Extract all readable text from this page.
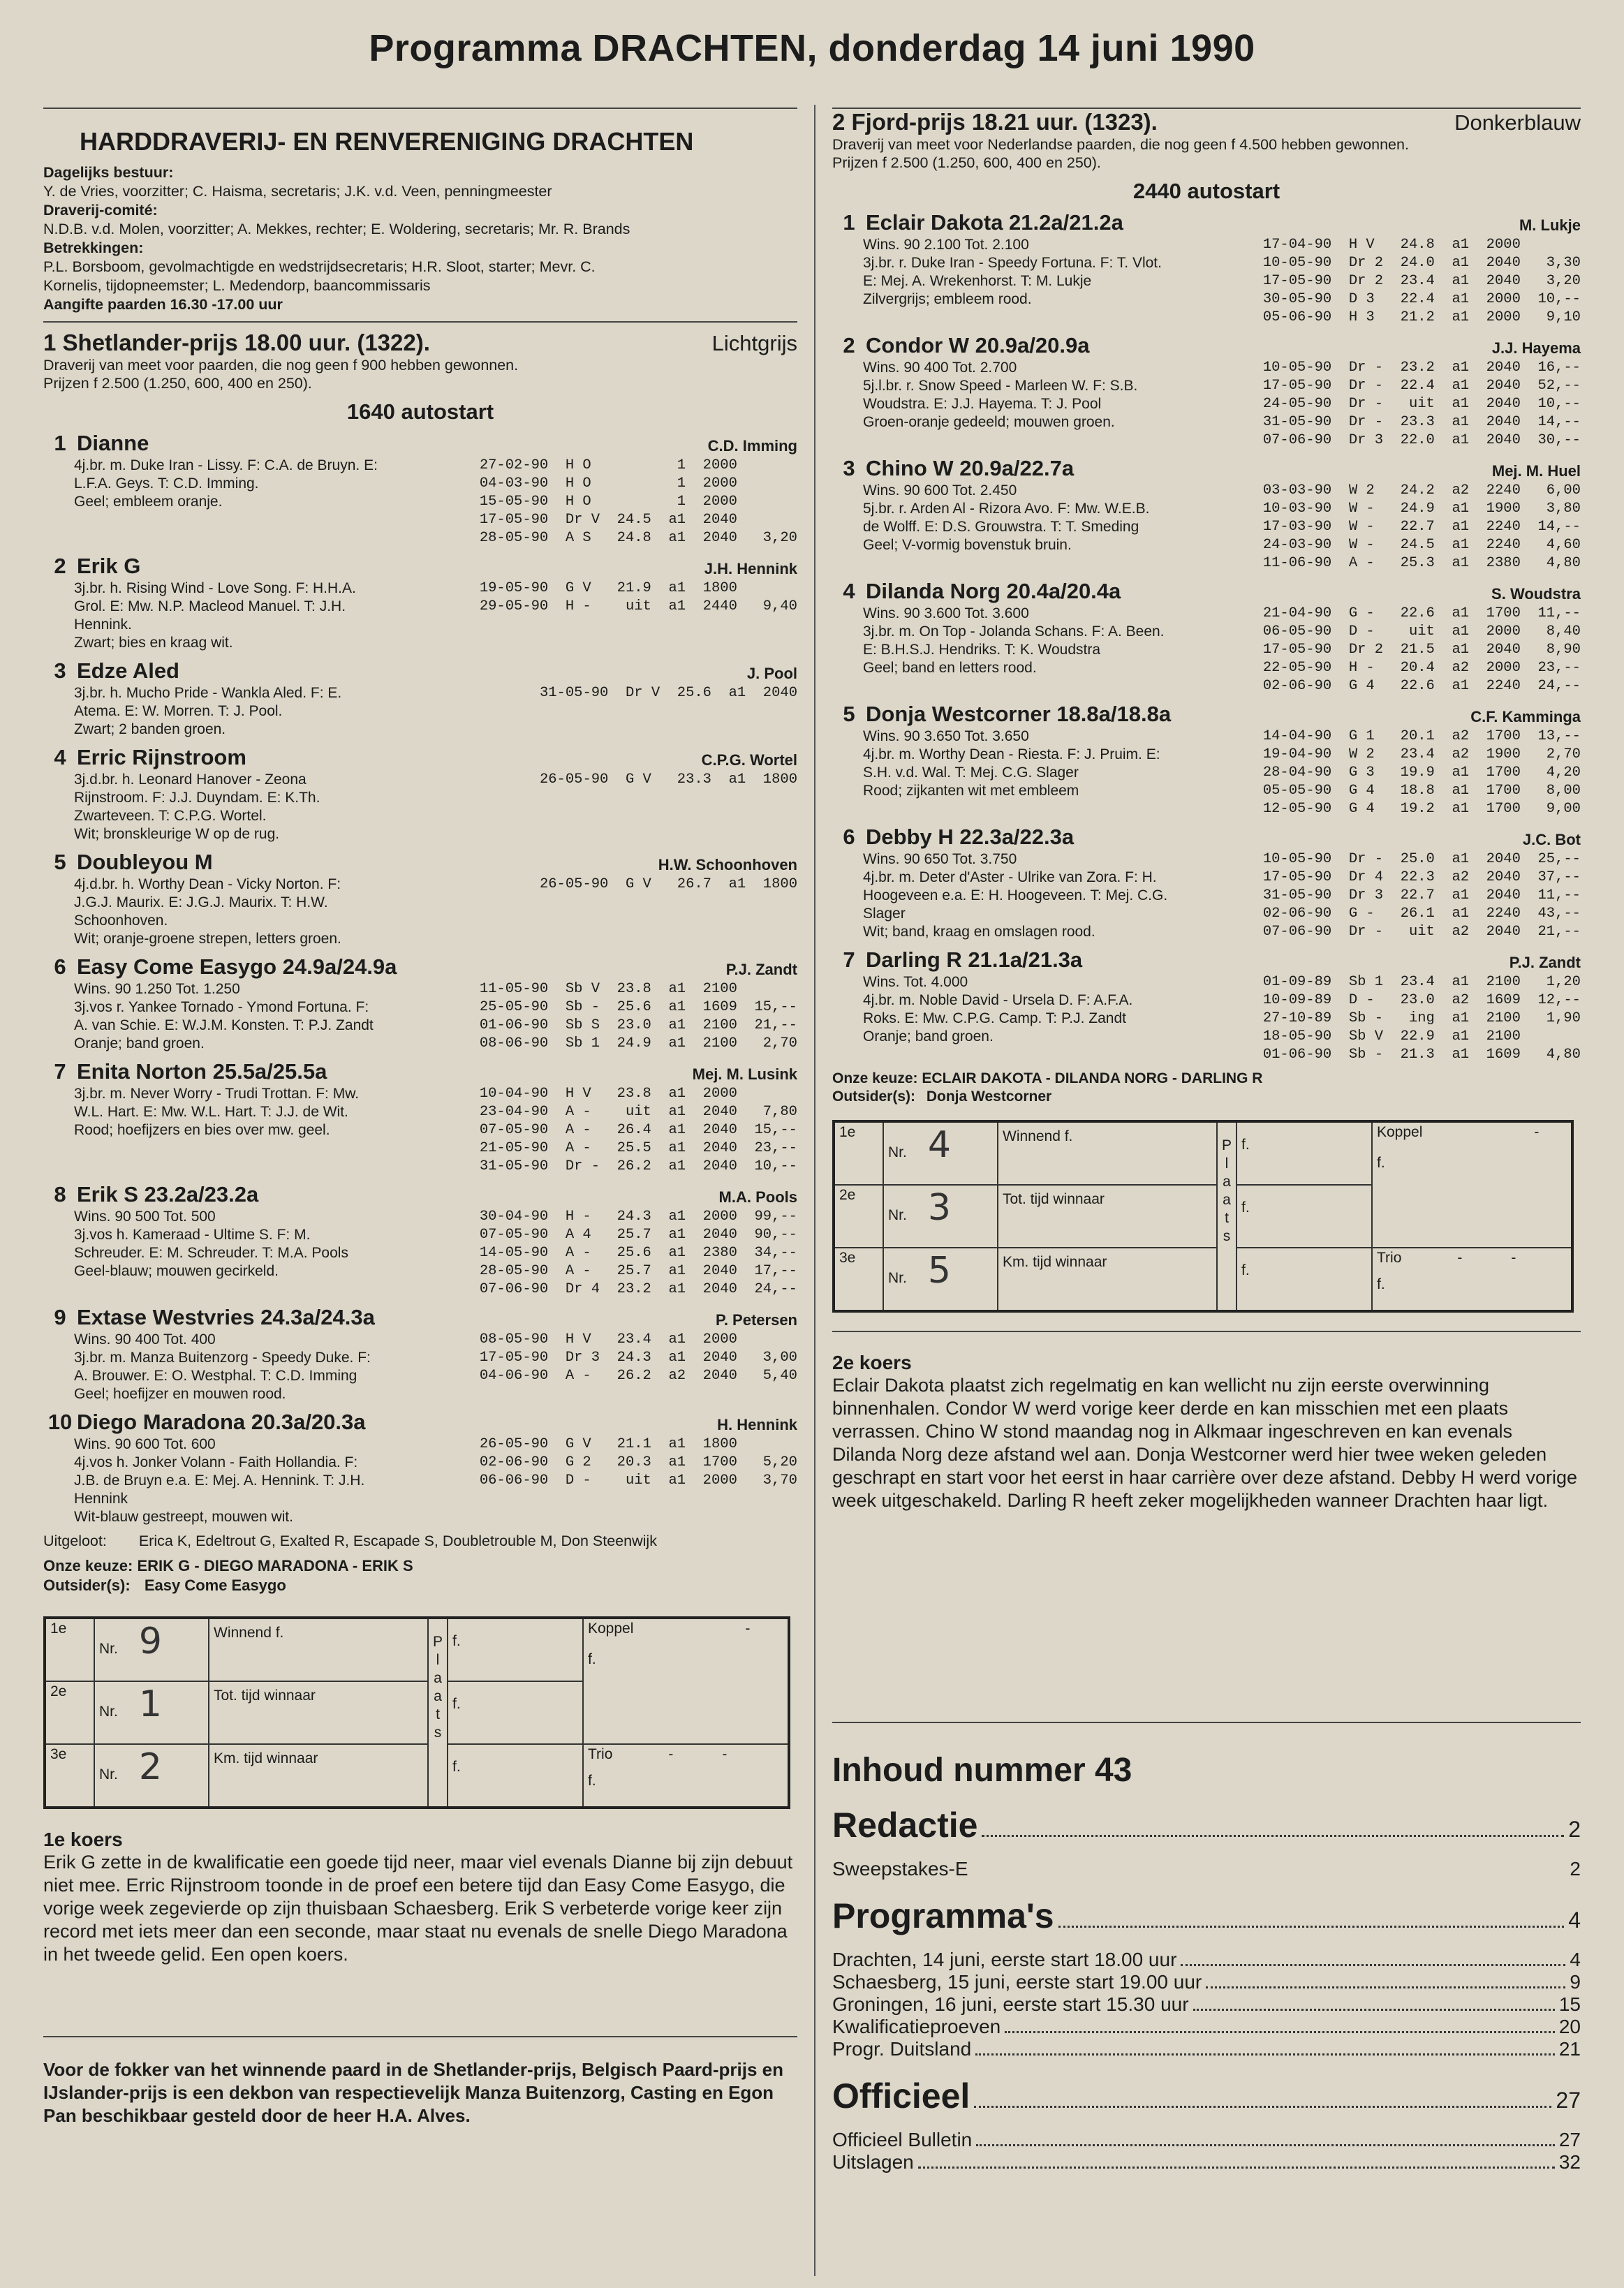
Programma DRACHTEN, donderdag 14 juni 1990
HARDDRAVERIJ- EN RENVERENIGING DRACHTEN
Dagelijks bestuur:
Y. de Vries, voorzitter; C. Haisma, secretaris; J.K. v.d. Veen, penningmeester
Draverij-comité:
N.D.B. v.d. Molen, voorzitter; A. Mekkes, rechter; E. Woldering, secretaris; Mr. R. Brands
Betrekkingen:
P.L. Borsboom, gevolmachtigde en wedstrijdsecretaris; H.R. Sloot, starter; Mevr. C.
Kornelis, tijdopneemster; L. Medendorp, baancommissaris
Aangifte paarden 16.30 -17.00 uur
1 Shetlander-prijs 18.00 uur. (1322).	Lichtgrijs
Draverij van meet voor paarden, die nog geen f 900 hebben gewonnen.
Prijzen f 2.500 (1.250, 600, 400 en 250).
1640 autostart
1 Dianne	C.D. Imming
4j.br. m. Duke Iran - Lissy. F: C.A. de Bruyn. E:
L.F.A. Geys. T: C.D. Imming.
Geel; embleem oranje.
27-02-90  H O          1  2000
04-03-90  H O          1  2000
15-05-90  H O          1  2000
17-05-90  Dr V  24.5  a1  2040
28-05-90  A S   24.8  a1  2040   3,20
2 Erik G	J.H. Hennink
3j.br. h. Rising Wind - Love Song. F: H.H.A.
Grol. E: Mw. N.P. Macleod Manuel. T: J.H.
Hennink.
Zwart; bies en kraag wit.
19-05-90  G V   21.9  a1  1800
29-05-90  H -    uit  a1  2440   9,40
3 Edze Aled	J. Pool
3j.br. h. Mucho Pride - Wankla Aled. F: E.
Atema. E: W. Morren. T: J. Pool.
Zwart; 2 banden groen.
31-05-90  Dr V  25.6  a1  2040
4 Erric Rijnstroom	C.P.G. Wortel
3j.d.br. h. Leonard Hanover - Zeona
Rijnstroom. F: J.J. Duyndam. E: K.Th.
Zwarteveen. T: C.P.G. Wortel.
Wit; bronskleurige W op de rug.
26-05-90  G V   23.3  a1  1800
5 Doubleyou M	H.W. Schoonhoven
4j.d.br. h. Worthy Dean - Vicky Norton. F:
J.G.J. Maurix. E: J.G.J. Maurix. T: H.W.
Schoonhoven.
Wit; oranje-groene strepen, letters groen.
26-05-90  G V   26.7  a1  1800
6 Easy Come Easygo 24.9a/24.9a	P.J. Zandt
Wins. 90 1.250 Tot. 1.250
3j.vos r. Yankee Tornado - Ymond Fortuna. F:
A. van Schie. E: W.J.M. Konsten. T: P.J. Zandt
Oranje; band groen.
11-05-90  Sb V  23.8  a1  2100
25-05-90  Sb -  25.6  a1  1609  15,--
01-06-90  Sb S  23.0  a1  2100  21,--
08-06-90  Sb 1  24.9  a1  2100   2,70
7 Enita Norton 25.5a/25.5a	Mej. M. Lusink
3j.br. m. Never Worry - Trudi Trottan. F: Mw.
W.L. Hart. E: Mw. W.L. Hart. T: J.J. de Wit.
Rood; hoefijzers en bies over mw. geel.
10-04-90  H V   23.8  a1  2000
23-04-90  A -    uit  a1  2040   7,80
07-05-90  A -   26.4  a1  2040  15,--
21-05-90  A -   25.5  a1  2040  23,--
31-05-90  Dr -  26.2  a1  2040  10,--
8 Erik S 23.2a/23.2a	M.A. Pools
Wins. 90 500 Tot. 500
3j.vos h. Kameraad - Ultime S. F: M.
Schreuder. E: M. Schreuder. T: M.A. Pools
Geel-blauw; mouwen gecirkeld.
30-04-90  H -   24.3  a1  2000  99,--
07-05-90  A 4   25.7  a1  2040  90,--
14-05-90  A -   25.6  a1  2380  34,--
28-05-90  A -   25.7  a1  2040  17,--
07-06-90  Dr 4  23.2  a1  2040  24,--
9 Extase Westvries 24.3a/24.3a	P. Petersen
Wins. 90 400 Tot. 400
3j.br. m. Manza Buitenzorg - Speedy Duke. F:
A. Brouwer. E: O. Westphal. T: C.D. Imming
Geel; hoefijzer en mouwen rood.
08-05-90  H V   23.4  a1  2000
17-05-90  Dr 3  24.3  a1  2040   3,00
04-06-90  A -   26.2  a2  2040   5,40
10 Diego Maradona 20.3a/20.3a	H. Hennink
Wins. 90 600 Tot. 600
4j.vos h. Jonker Volann - Faith Hollandia. F:
J.B. de Bruyn e.a. E: Mej. A. Hennink. T: J.H.
Hennink
Wit-blauw gestreept, mouwen wit.
26-05-90  G V   21.1  a1  1800
02-06-90  G 2   20.3  a1  1700   5,20
06-06-90  D -    uit  a1  2000   3,70
Uitgeloot: Erica K, Edeltrout G, Exalted R, Escapade S, Doubletrouble M, Don Steenwijk
Onze keuze: ERIK G - DIEGO MARADONA - ERIK S
Outsider(s): Easy Come Easygo
1e	Nr. 9	Winnend f.	P l a a t s	f.	Koppel -
f.

2e	Nr. 1	Tot. tijd winnaar		f.	
3e	Nr. 2	Km. tijd winnaar		f.	Trio - -
f.
1e koers
Erik G zette in de kwalificatie een goede tijd neer, maar viel evenals Dianne bij zijn debuut niet mee. Erric Rijnstroom toonde in de proef een betere tijd dan Easy Come Easygo, die vorige week zegevierde op zijn thuisbaan Schaesberg. Erik S verbeterde vorige keer zijn record met iets meer dan een seconde, maar staat nu evenals de snelle Diego Maradona in het tweede gelid. Een open koers.
Voor de fokker van het winnende paard in de Shetlander-prijs, Belgisch Paard-prijs en IJslander-prijs is een dekbon van respectievelijk Manza Buitenzorg, Casting en Egon Pan beschikbaar gesteld door de heer H.A. Alves.
2 Fjord-prijs 18.21 uur. (1323).	Donkerblauw
Draverij van meet voor Nederlandse paarden, die nog geen f 4.500 hebben gewonnen.
Prijzen f 2.500 (1.250, 600, 400 en 250).
2440 autostart
1 Eclair Dakota 21.2a/21.2a	M. Lukje
Wins. 90 2.100 Tot. 2.100
3j.br. r. Duke Iran - Speedy Fortuna. F: T. Vlot.
E: Mej. A. Wrekenhorst. T: M. Lukje
Zilvergrijs; embleem rood.
17-04-90  H V   24.8  a1  2000
10-05-90  Dr 2  24.0  a1  2040   3,30
17-05-90  Dr 2  23.4  a1  2040   3,20
30-05-90  D 3   22.4  a1  2000  10,--
05-06-90  H 3   21.2  a1  2000   9,10
2 Condor W 20.9a/20.9a	J.J. Hayema
Wins. 90 400 Tot. 2.700
5j.l.br. r. Snow Speed - Marleen W. F: S.B.
Woudstra. E: J.J. Hayema. T: J. Pool
Groen-oranje gedeeld; mouwen groen.
10-05-90  Dr -  23.2  a1  2040  16,--
17-05-90  Dr -  22.4  a1  2040  52,--
24-05-90  Dr -   uit  a1  2040  10,--
31-05-90  Dr -  23.3  a1  2040  14,--
07-06-90  Dr 3  22.0  a1  2040  30,--
3 Chino W 20.9a/22.7a	Mej. M. Huel
Wins. 90 600 Tot. 2.450
5j.br. r. Arden Al - Rizora Avo. F: Mw. W.E.B.
de Wolff. E: D.S. Grouwstra. T: T. Smeding
Geel; V-vormig bovenstuk bruin.
03-03-90  W 2   24.2  a2  2240   6,00
10-03-90  W -   24.9  a1  1900   3,80
17-03-90  W -   22.7  a1  2240  14,--
24-03-90  W -   24.5  a1  2240   4,60
11-06-90  A -   25.3  a1  2380   4,80
4 Dilanda Norg 20.4a/20.4a	S. Woudstra
Wins. 90 3.600 Tot. 3.600
3j.br. m. On Top - Jolanda Schans. F: A. Been.
E: B.H.S.J. Hendriks. T: K. Woudstra
Geel; band en letters rood.
21-04-90  G -   22.6  a1  1700  11,--
06-05-90  D -    uit  a1  2000   8,40
17-05-90  Dr 2  21.5  a1  2040   8,90
22-05-90  H -   20.4  a2  2000  23,--
02-06-90  G 4   22.6  a1  2240  24,--
5 Donja Westcorner 18.8a/18.8a	C.F. Kamminga
Wins. 90 3.650 Tot. 3.650
4j.br. m. Worthy Dean - Riesta. F: J. Pruim. E:
S.H. v.d. Wal. T: Mej. C.G. Slager
Rood; zijkanten wit met embleem
14-04-90  G 1   20.1  a2  1700  13,--
19-04-90  W 2   23.4  a2  1900   2,70
28-04-90  G 3   19.9  a1  1700   4,20
05-05-90  G 4   18.8  a1  1700   8,00
12-05-90  G 4   19.2  a1  1700   9,00
6 Debby H 22.3a/22.3a	J.C. Bot
Wins. 90 650 Tot. 3.750
4j.br. m. Deter d'Aster - Ulrike van Zora. F: H.
Hoogeveen e.a. E: H. Hoogeveen. T: Mej. C.G.
Slager
Wit; band, kraag en omslagen rood.
10-05-90  Dr -  25.0  a1  2040  25,--
17-05-90  Dr 4  22.3  a2  2040  37,--
31-05-90  Dr 3  22.7  a1  2040  11,--
02-06-90  G -   26.1  a1  2240  43,--
07-06-90  Dr -   uit  a2  2040  21,--
7 Darling R 21.1a/21.3a	P.J. Zandt
Wins. Tot. 4.000
4j.br. m. Noble David - Ursela D. F: A.F.A.
Roks. E: Mw. C.P.G. Camp. T: P.J. Zandt
Oranje; band groen.
01-09-89  Sb 1  23.4  a1  2100   1,20
10-09-89  D -   23.0  a2  1609  12,--
27-10-89  Sb -   ing  a1  2100   1,90
18-05-90  Sb V  22.9  a1  2100
01-06-90  Sb -  21.3  a1  1609   4,80
Onze keuze: ECLAIR DAKOTA - DILANDA NORG - DARLING R
Outsider(s): Donja Westcorner
1e	Nr. 4	Winnend f.	P l a a t s	f.	Koppel -
f.

2e	Nr. 3	Tot. tijd winnaar		f.	
3e	Nr. 5	Km. tijd winnaar		f.	Trio - -
f.
2e koers
Eclair Dakota plaatst zich regelmatig en kan wellicht nu zijn eerste overwinning binnenhalen. Condor W werd vorige keer derde en kan misschien met een plaats verrassen. Chino W stond maandag nog in Alkmaar ingeschreven en kan evenals Dilanda Norg deze afstand wel aan. Donja Westcorner werd hier twee weken geleden geschrapt en start voor het eerst in haar carrière over deze afstand. Debby H werd vorige week uitgeschakeld. Darling R heeft zeker mogelijkheden wanneer Drachten haar ligt.
Inhoud nummer 43
Redactie	2
Sweepstakes-E	2
Programma's	4
Drachten, 14 juni, eerste start 18.00 uur	4
Schaesberg, 15 juni, eerste start 19.00 uur	9
Groningen, 16 juni, eerste start 15.30 uur	15
Kwalificatieproeven	20
Progr. Duitsland	21
Officieel	27
Officieel Bulletin	27
Uitslagen	32
